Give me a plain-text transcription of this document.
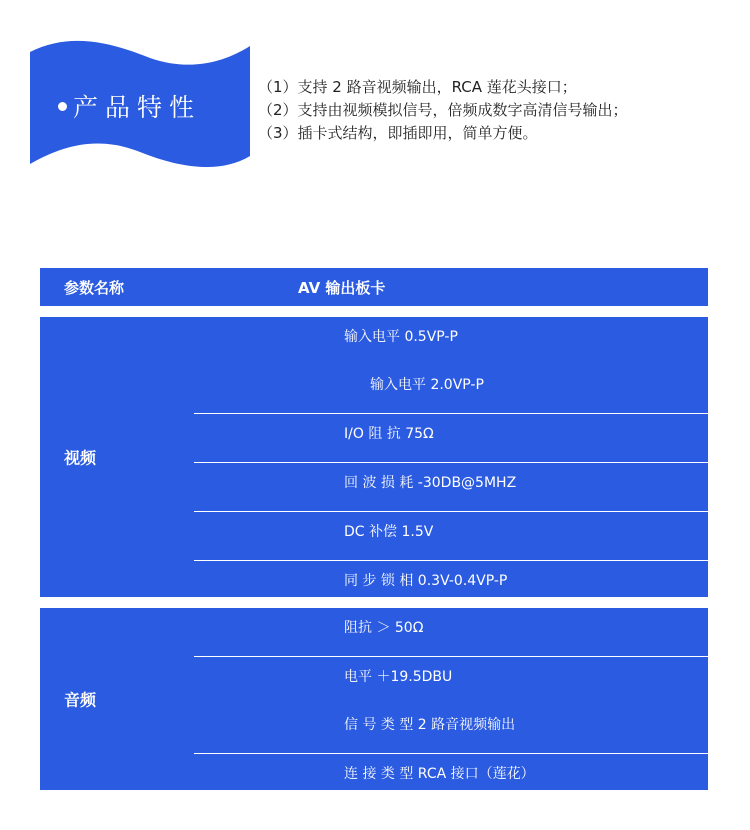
产品特性
（1）支持 2 路音视频输出，RCA 莲花头接口；
（2）支持由视频模拟信号，倍频成数字高清信号输出；
（3）插卡式结构，即插即用，简单方便。
参数名称	AV 输出板卡
视频
输入电平 0.5VP-P
输入电平 2.0VP-P
I/O 阻 抗 75Ω
回 波 损 耗 -30DB@5MHZ
DC 补偿 1.5V
同 步 锁 相 0.3V-0.4VP-P
音频
阻抗 ＞ 50Ω
电平 ＋19.5DBU
信 号 类 型 2 路音视频输出
连 接 类 型 RCA 接口（莲花）
